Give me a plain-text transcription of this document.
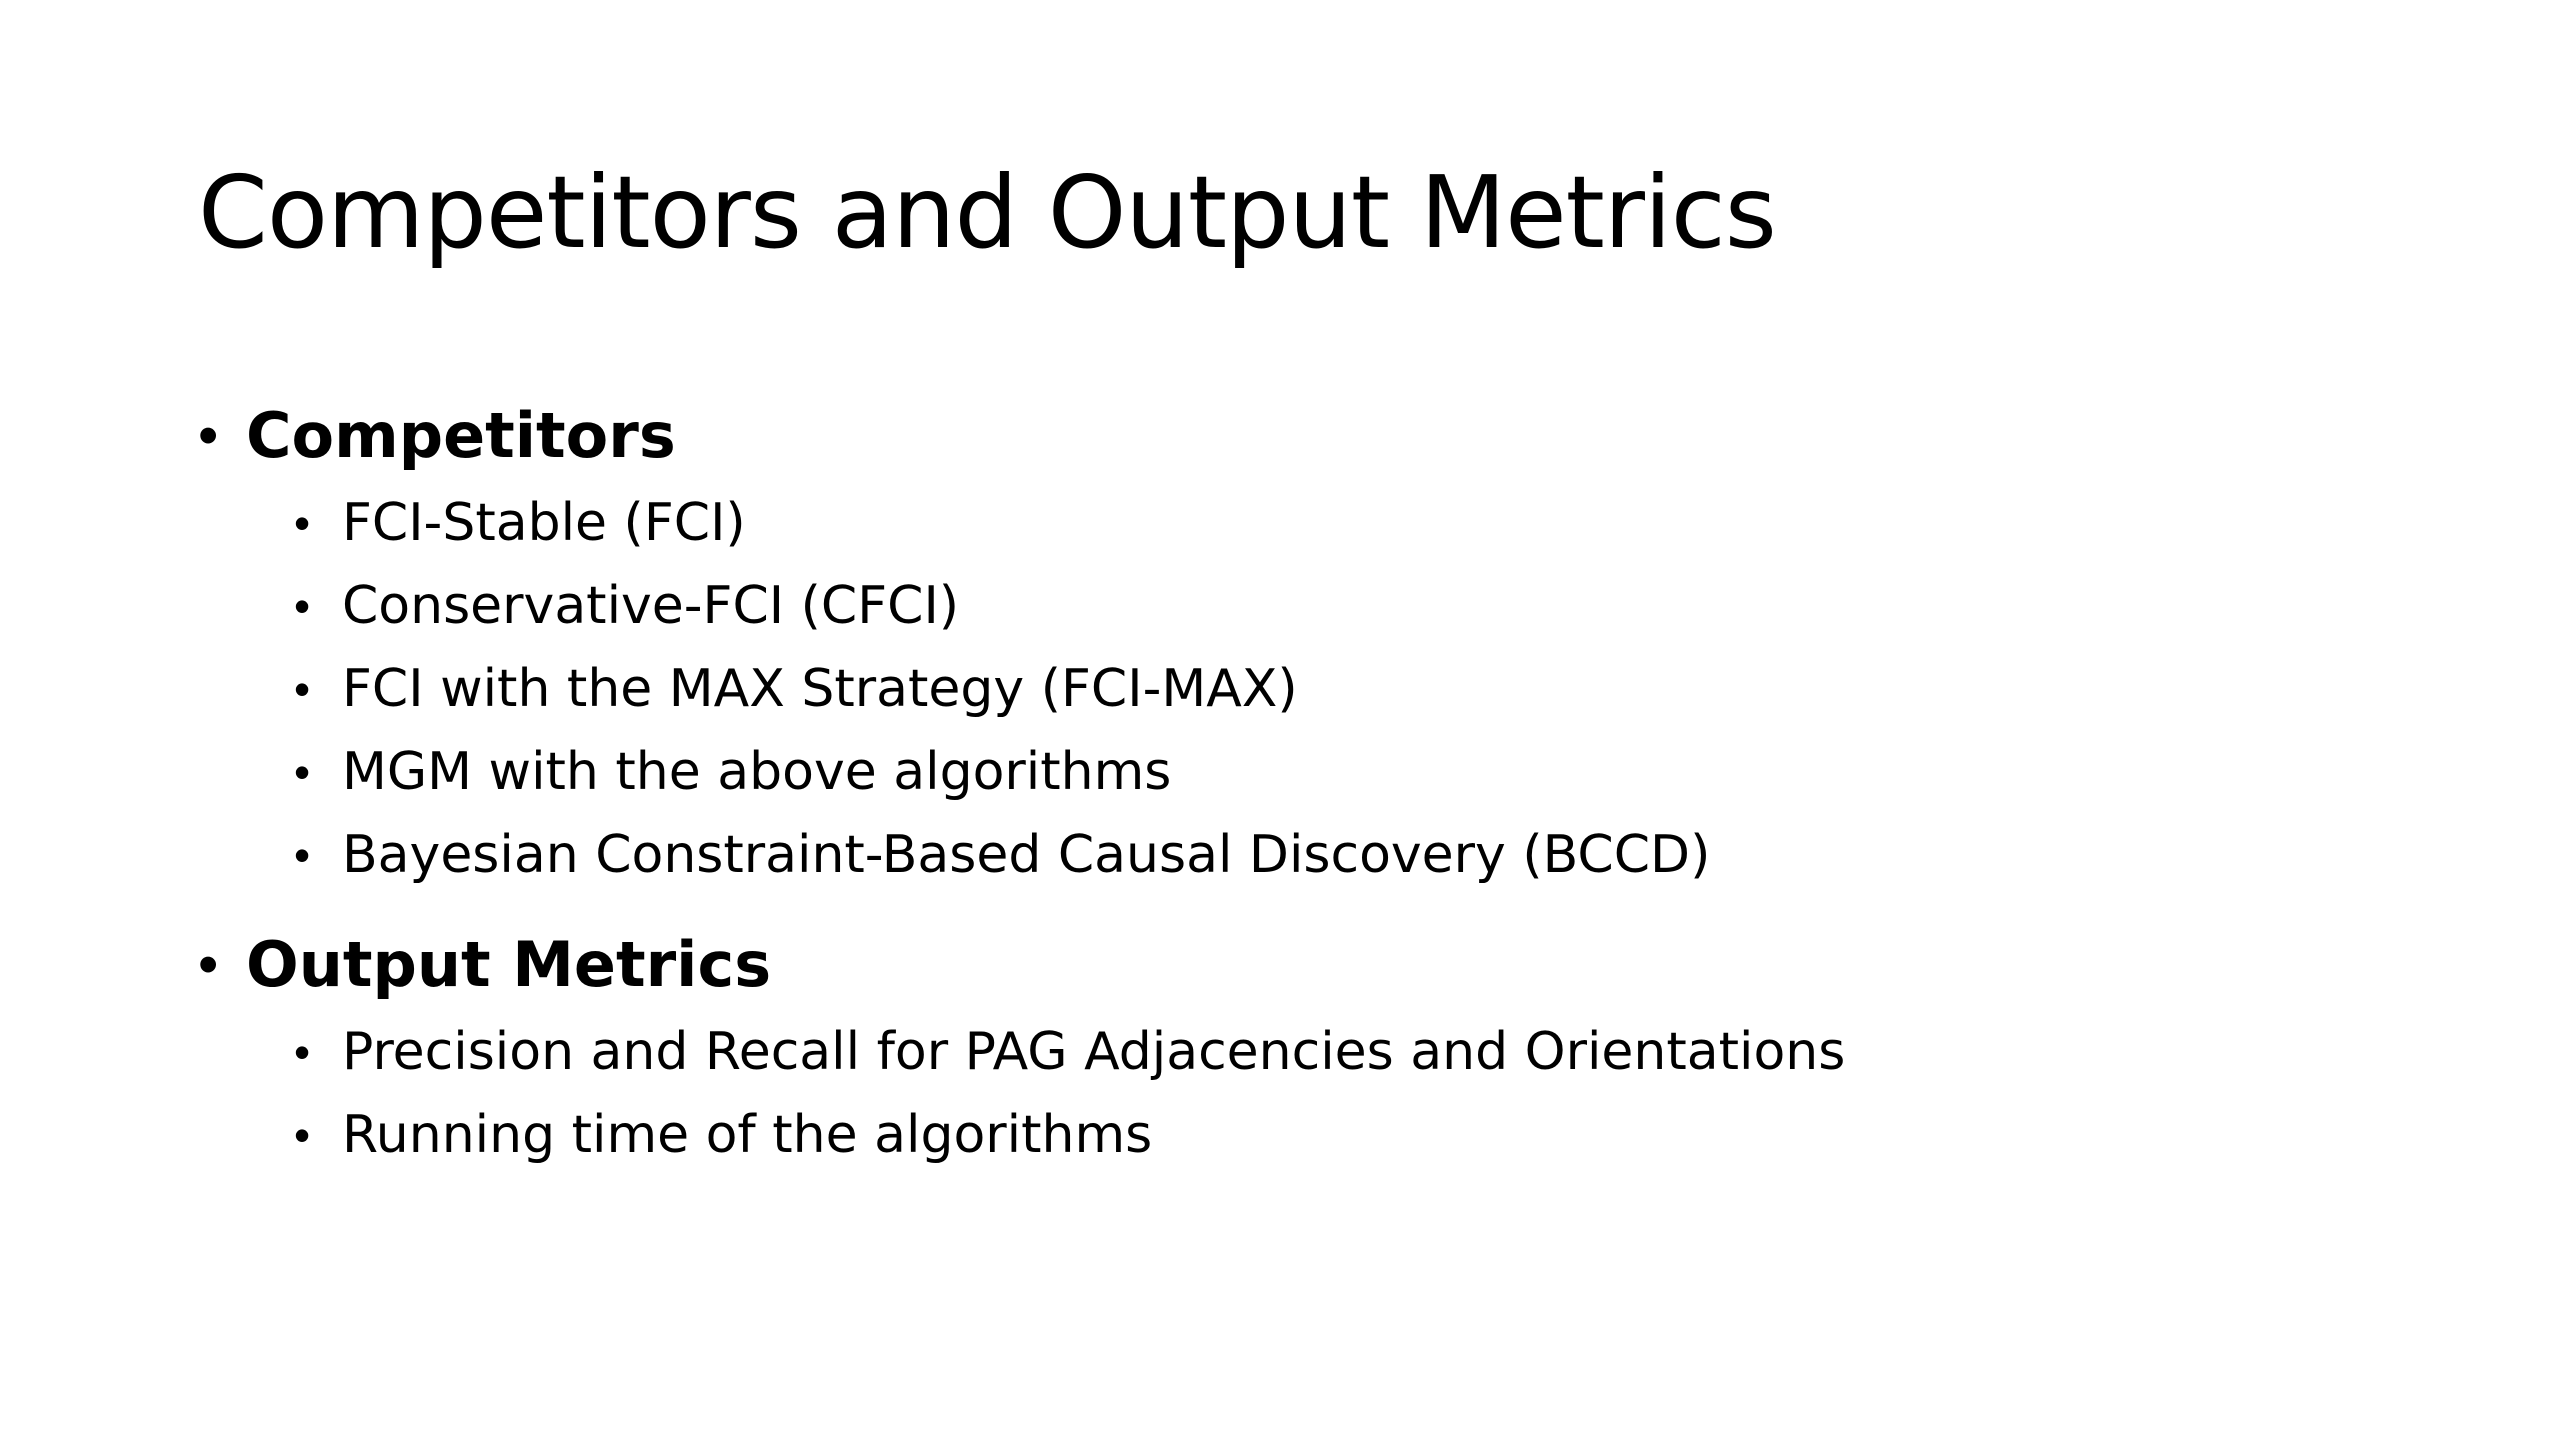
Competitors and Output Metrics
• Competitors
• FCI-Stable (FCI)
• Conservative-FCI (CFCI)
• FCI with the MAX Strategy (FCI-MAX)
• MGM with the above algorithms
• Bayesian Constraint-Based Causal Discovery (BCCD)
• Output Metrics
• Precision and Recall for PAG Adjacencies and Orientations
• Running time of the algorithms
